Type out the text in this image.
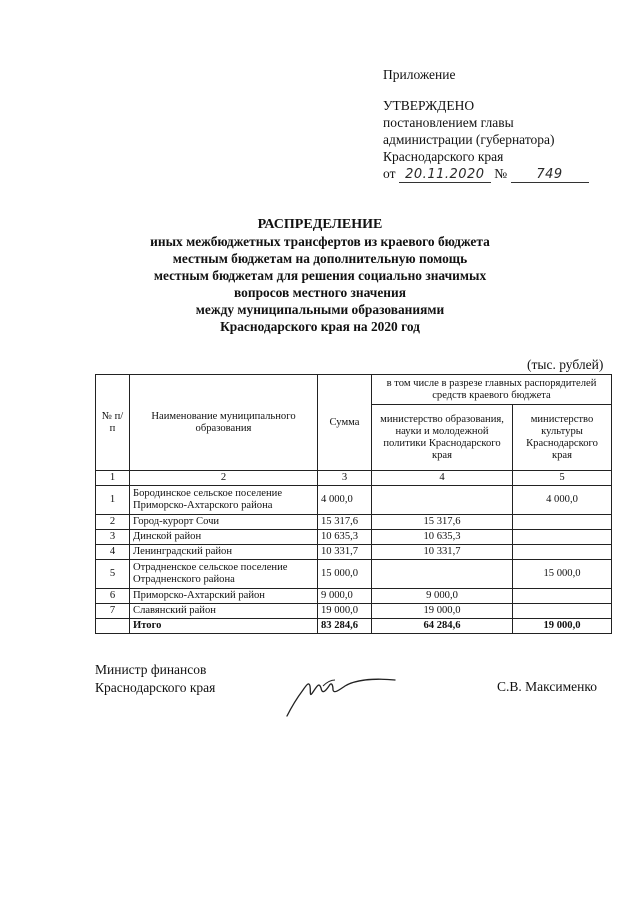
Приложение
УТВЕРЖДЕНО
постановлением главы
администрации (губернатора)
Краснодарского края
от 20.11.2020 № 749
РАСПРЕДЕЛЕНИЕ
иных межбюджетных трансфертов из краевого бюджета
местным бюджетам на дополнительную помощь
местным бюджетам для решения социально значимых
вопросов местного значения
между муниципальными образованиями
Краснодарского края на 2020 год
(тыс. рублей)
№ п/п	Наименование муниципального образования	Сумма	в том числе в разрезе главных распорядителей средств краевого бюджета	
			министерство образования, науки и молодежной политики Краснодарского края	министерство культуры Краснодарского края
1	2	3	4	5
1	Бородинское сельское поселение Приморско-Ахтарского района	4 000,0		4 000,0
2	Город-курорт Сочи	15 317,6	15 317,6	
3	Динской район	10 635,3	10 635,3	
4	Ленинградский район	10 331,7	10 331,7	
5	Отрадненское сельское поселение Отрадненского района	15 000,0		15 000,0
6	Приморско-Ахтарский район	9 000,0	9 000,0	
7	Славянский район	19 000,0	19 000,0	
	Итого	83 284,6	64 284,6	19 000,0
Министр финансов
Краснодарского края	С.В. Максименко
